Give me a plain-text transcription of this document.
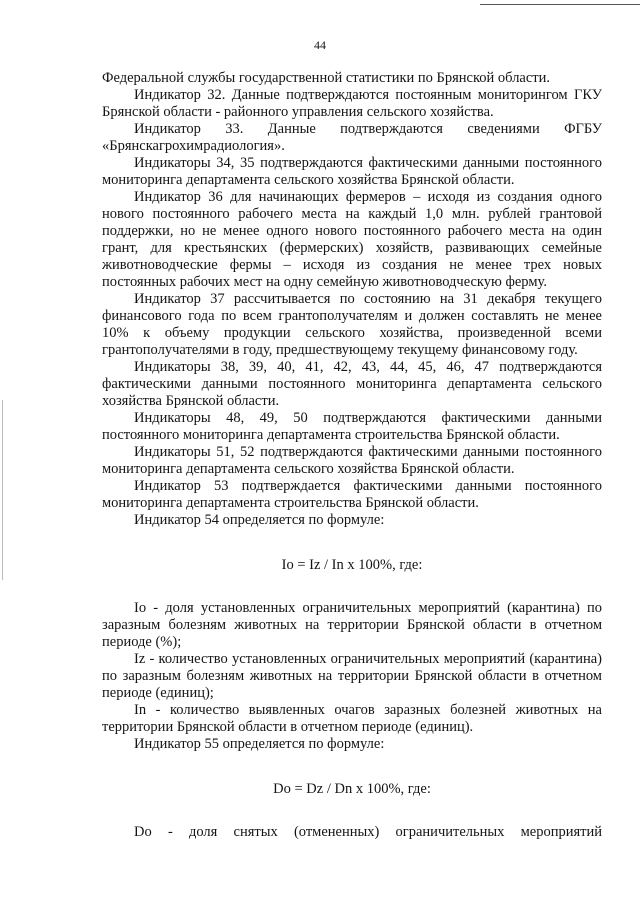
44

Федеральной службы государственной статистики по Брянской области.

Индикатор 32. Данные подтверждаются постоянным мониторингом ГКУ Брянской области - районного управления сельского хозяйства.

Индикатор 33. Данные подтверждаются сведениями ФГБУ «Брянскагрохимрадиология».

Индикаторы 34, 35 подтверждаются фактическими данными постоянного мониторинга департамента сельского хозяйства Брянской области.

Индикатор 36 для начинающих фермеров – исходя из создания одного нового постоянного рабочего места на каждый 1,0 млн. рублей грантовой поддержки, но не менее одного нового постоянного рабочего места на один грант, для крестьянских (фермерских) хозяйств, развивающих семейные животноводческие фермы – исходя из создания не менее трех новых постоянных рабочих мест на одну семейную животноводческую ферму.

Индикатор 37 рассчитывается по состоянию на 31 декабря текущего финансового года по всем грантополучателям и должен составлять не менее 10% к объему продукции сельского хозяйства, произведенной всеми грантополучателями в году, предшествующему текущему финансовому году.

Индикаторы 38, 39, 40, 41, 42, 43, 44, 45, 46, 47 подтверждаются фактическими данными постоянного мониторинга департамента сельского хозяйства Брянской области.

Индикаторы 48, 49, 50 подтверждаются фактическими данными постоянного мониторинга департамента строительства Брянской области.

Индикаторы 51, 52 подтверждаются фактическими данными постоянного мониторинга департамента сельского хозяйства Брянской области.

Индикатор 53 подтверждается фактическими данными постоянного мониторинга департамента строительства Брянской области.

Индикатор 54 определяется по формуле:

Io = Iz / In x 100%, где:

Io - доля установленных ограничительных мероприятий (карантина) по заразным болезням животных на территории Брянской области в отчетном периоде (%);

Iz - количество установленных ограничительных мероприятий (карантина) по заразным болезням животных на территории Брянской области в отчетном периоде (единиц);

In - количество выявленных очагов заразных болезней животных на территории Брянской области в отчетном периоде (единиц).

Индикатор 55 определяется по формуле:

Do = Dz / Dn x 100%, где:

Do - доля снятых (отмененных) ограничительных мероприятий
